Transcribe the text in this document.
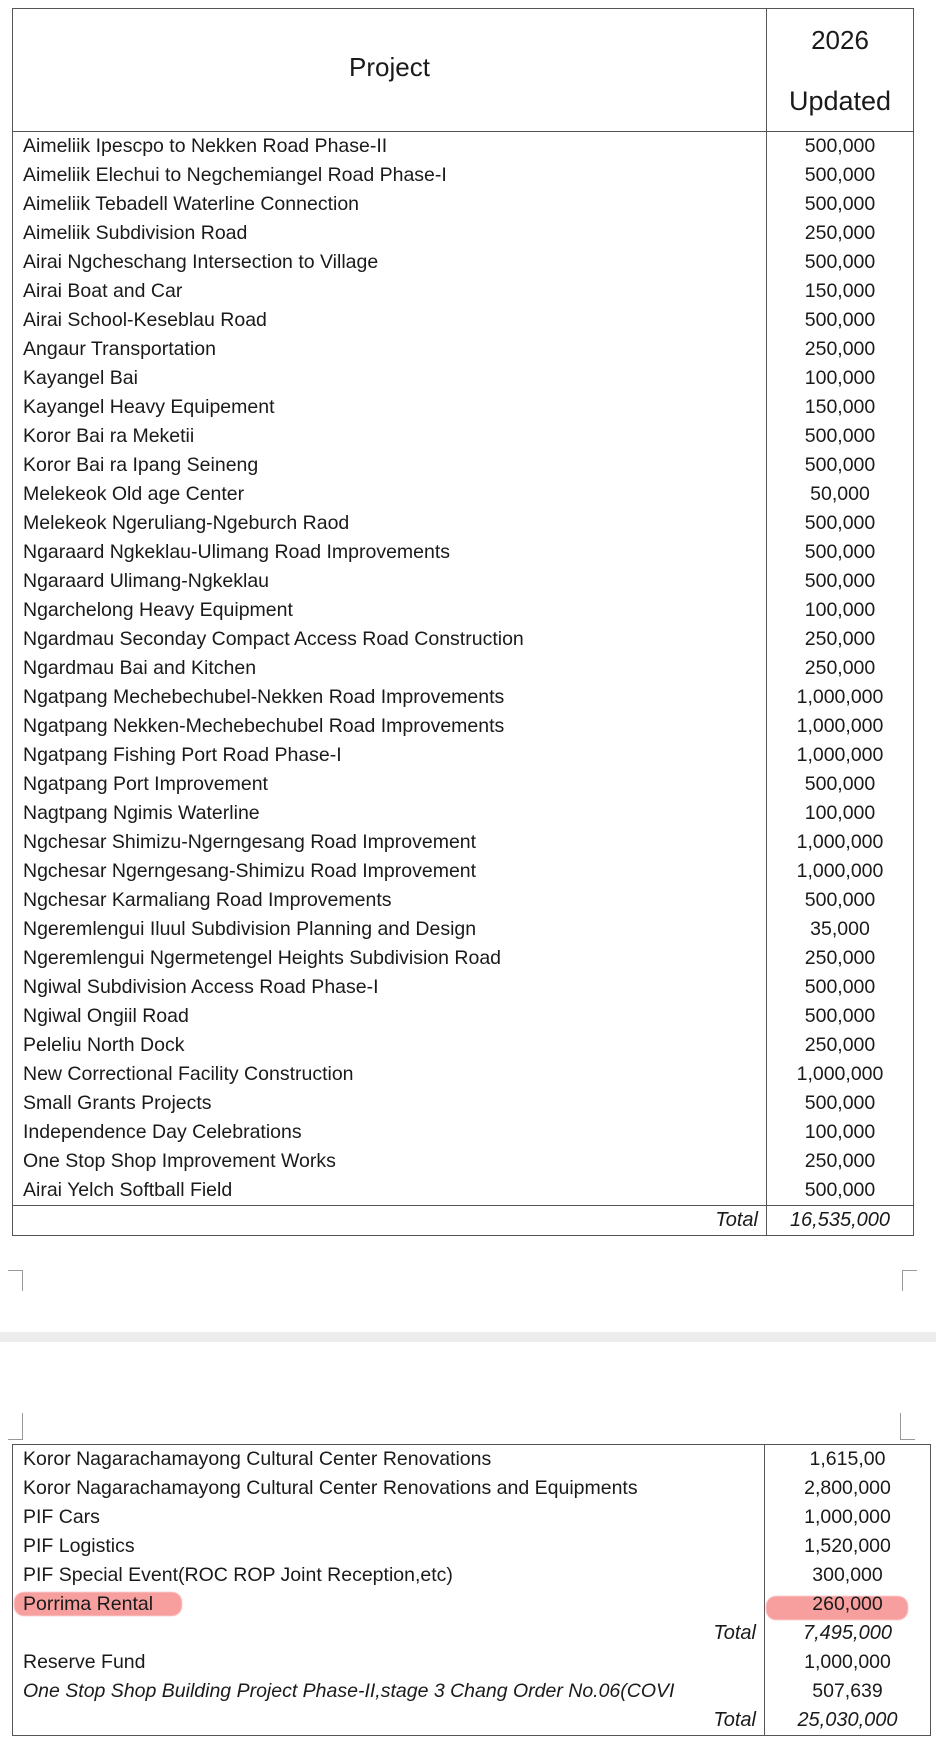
Project	2026
	Updated
Aimeliik Ipescpo to Nekken Road Phase-II	500,000
Aimeliik Elechui to Negchemiangel Road Phase-I	500,000
Aimeliik Tebadell Waterline Connection	500,000
Aimeliik Subdivision Road	250,000
Airai Ngcheschang Intersection to Village	500,000
Airai Boat and Car	150,000
Airai School-Keseblau Road	500,000
Angaur Transportation	250,000
Kayangel Bai	100,000
Kayangel Heavy Equipement	150,000
Koror Bai ra Meketii	500,000
Koror Bai ra Ipang Seineng	500,000
Melekeok Old age Center	50,000
Melekeok Ngeruliang-Ngeburch Raod	500,000
Ngaraard Ngkeklau-Ulimang Road Improvements	500,000
Ngaraard Ulimang-Ngkeklau	500,000
Ngarchelong Heavy Equipment	100,000
Ngardmau Seconday Compact Access Road Construction	250,000
Ngardmau Bai and Kitchen	250,000
Ngatpang Mechebechubel-Nekken Road Improvements	1,000,000
Ngatpang Nekken-Mechebechubel Road Improvements	1,000,000
Ngatpang Fishing Port Road Phase-I	1,000,000
Ngatpang Port Improvement	500,000
Nagtpang Ngimis Waterline	100,000
Ngchesar Shimizu-Ngerngesang Road Improvement	1,000,000
Ngchesar Ngerngesang-Shimizu Road Improvement	1,000,000
Ngchesar Karmaliang Road Improvements	500,000
Ngeremlengui Iluul Subdivision Planning and Design	35,000
Ngeremlengui Ngermetengel Heights Subdivision Road	250,000
Ngiwal Subdivision Access Road Phase-I	500,000
Ngiwal Ongiil Road	500,000
Peleliu North Dock	250,000
New Correctional Facility Construction	1,000,000
Small Grants Projects	500,000
Independence Day Celebrations	100,000
One Stop Shop Improvement Works	250,000
Airai Yelch Softball Field	500,000
Total	16,535,000
Koror Nagarachamayong Cultural Center Renovations	1,615,00
Koror Nagarachamayong Cultural Center Renovations and Equipments	2,800,000
PIF Cars	1,000,000
PIF Logistics	1,520,000
PIF Special Event(ROC ROP Joint Reception,etc)	300,000
Porrima Rental	260,000
Total	7,495,000
Reserve Fund	1,000,000
One Stop Shop Building Project Phase-II,stage 3 Chang Order No.06(COVI	507,639
Total	25,030,000
